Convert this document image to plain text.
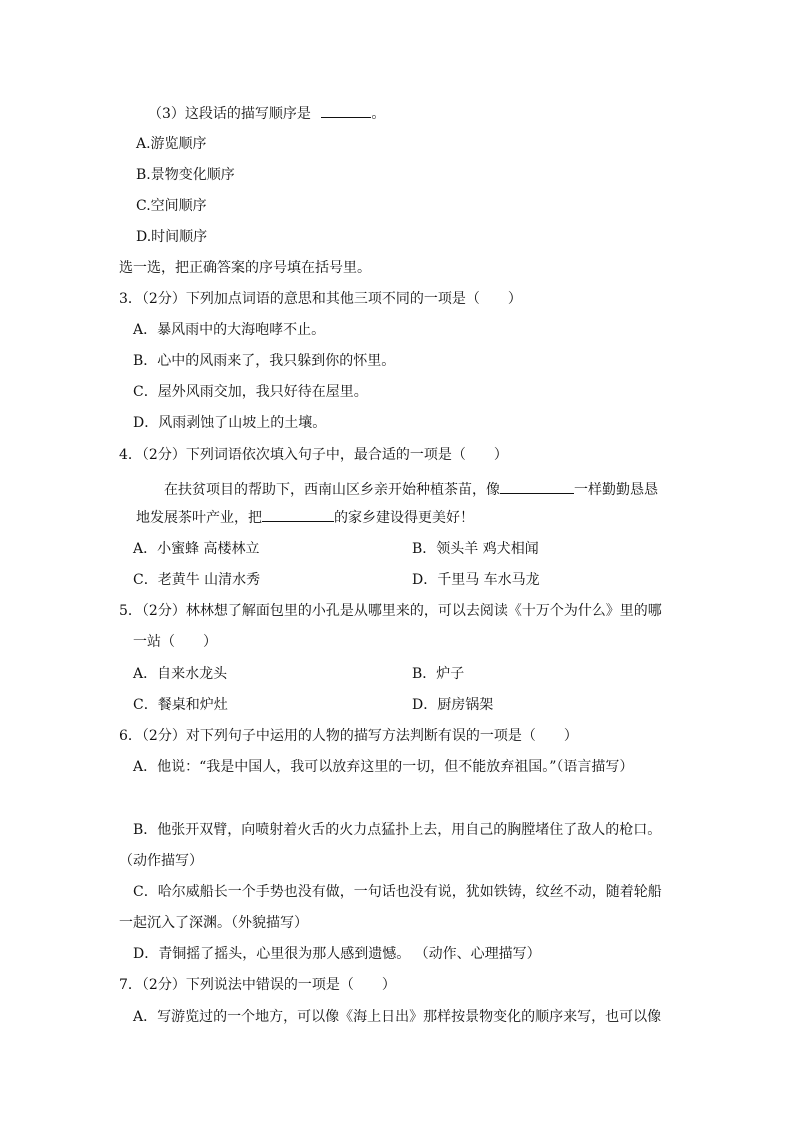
（3）这段话的描写顺序是	。
A.游览顺序
B.景物变化顺序
C.空间顺序
D.时间顺序
选一选，把正确答案的序号填在括号里。
3．（2分）下列加点词语的意思和其他三项不同的一项是（　　）
A．暴风雨中的大海咆哮不止。
B．心中的风雨来了，我只躲到你的怀里。
C．屋外风雨交加，我只好待在屋里。
D．风雨剥蚀了山坡上的土壤。
4．（2分）下列词语依次填入句子中，最合适的一项是（　　）
在扶贫项目的帮助下，西南山区乡亲开始种植茶苗，像	一样勤勤恳恳
地发展茶叶产业，把	的家乡建设得更美好！
A．小蜜蜂 高楼林立	B．领头羊 鸡犬相闻
C．老黄牛 山清水秀	D．千里马 车水马龙
5．（2分）林林想了解面包里的小孔是从哪里来的，可以去阅读《十万个为什么》里的哪
一站（　　）
A．自来水龙头	B．炉子
C．餐桌和炉灶	D．厨房锅架
6．（2分）对下列句子中运用的人物的描写方法判断有误的一项是（　　）
A．他说：“我是中国人，我可以放弃这里的一切，但不能放弃祖国。”（语言描写）
B．他张开双臂，向喷射着火舌的火力点猛扑上去，用自己的胸膛堵住了敌人的枪口。
（动作描写）
C．哈尔威船长一个手势也没有做，一句话也没有说，犹如铁铸，纹丝不动，随着轮船
一起沉入了深渊。（外貌描写）
D．青铜摇了摇头，心里很为那人感到遗憾。 （动作、心理描写）
7．（2分）下列说法中错误的一项是（　　）
A．写游览过的一个地方，可以像《海上日出》那样按景物变化的顺序来写，也可以像
